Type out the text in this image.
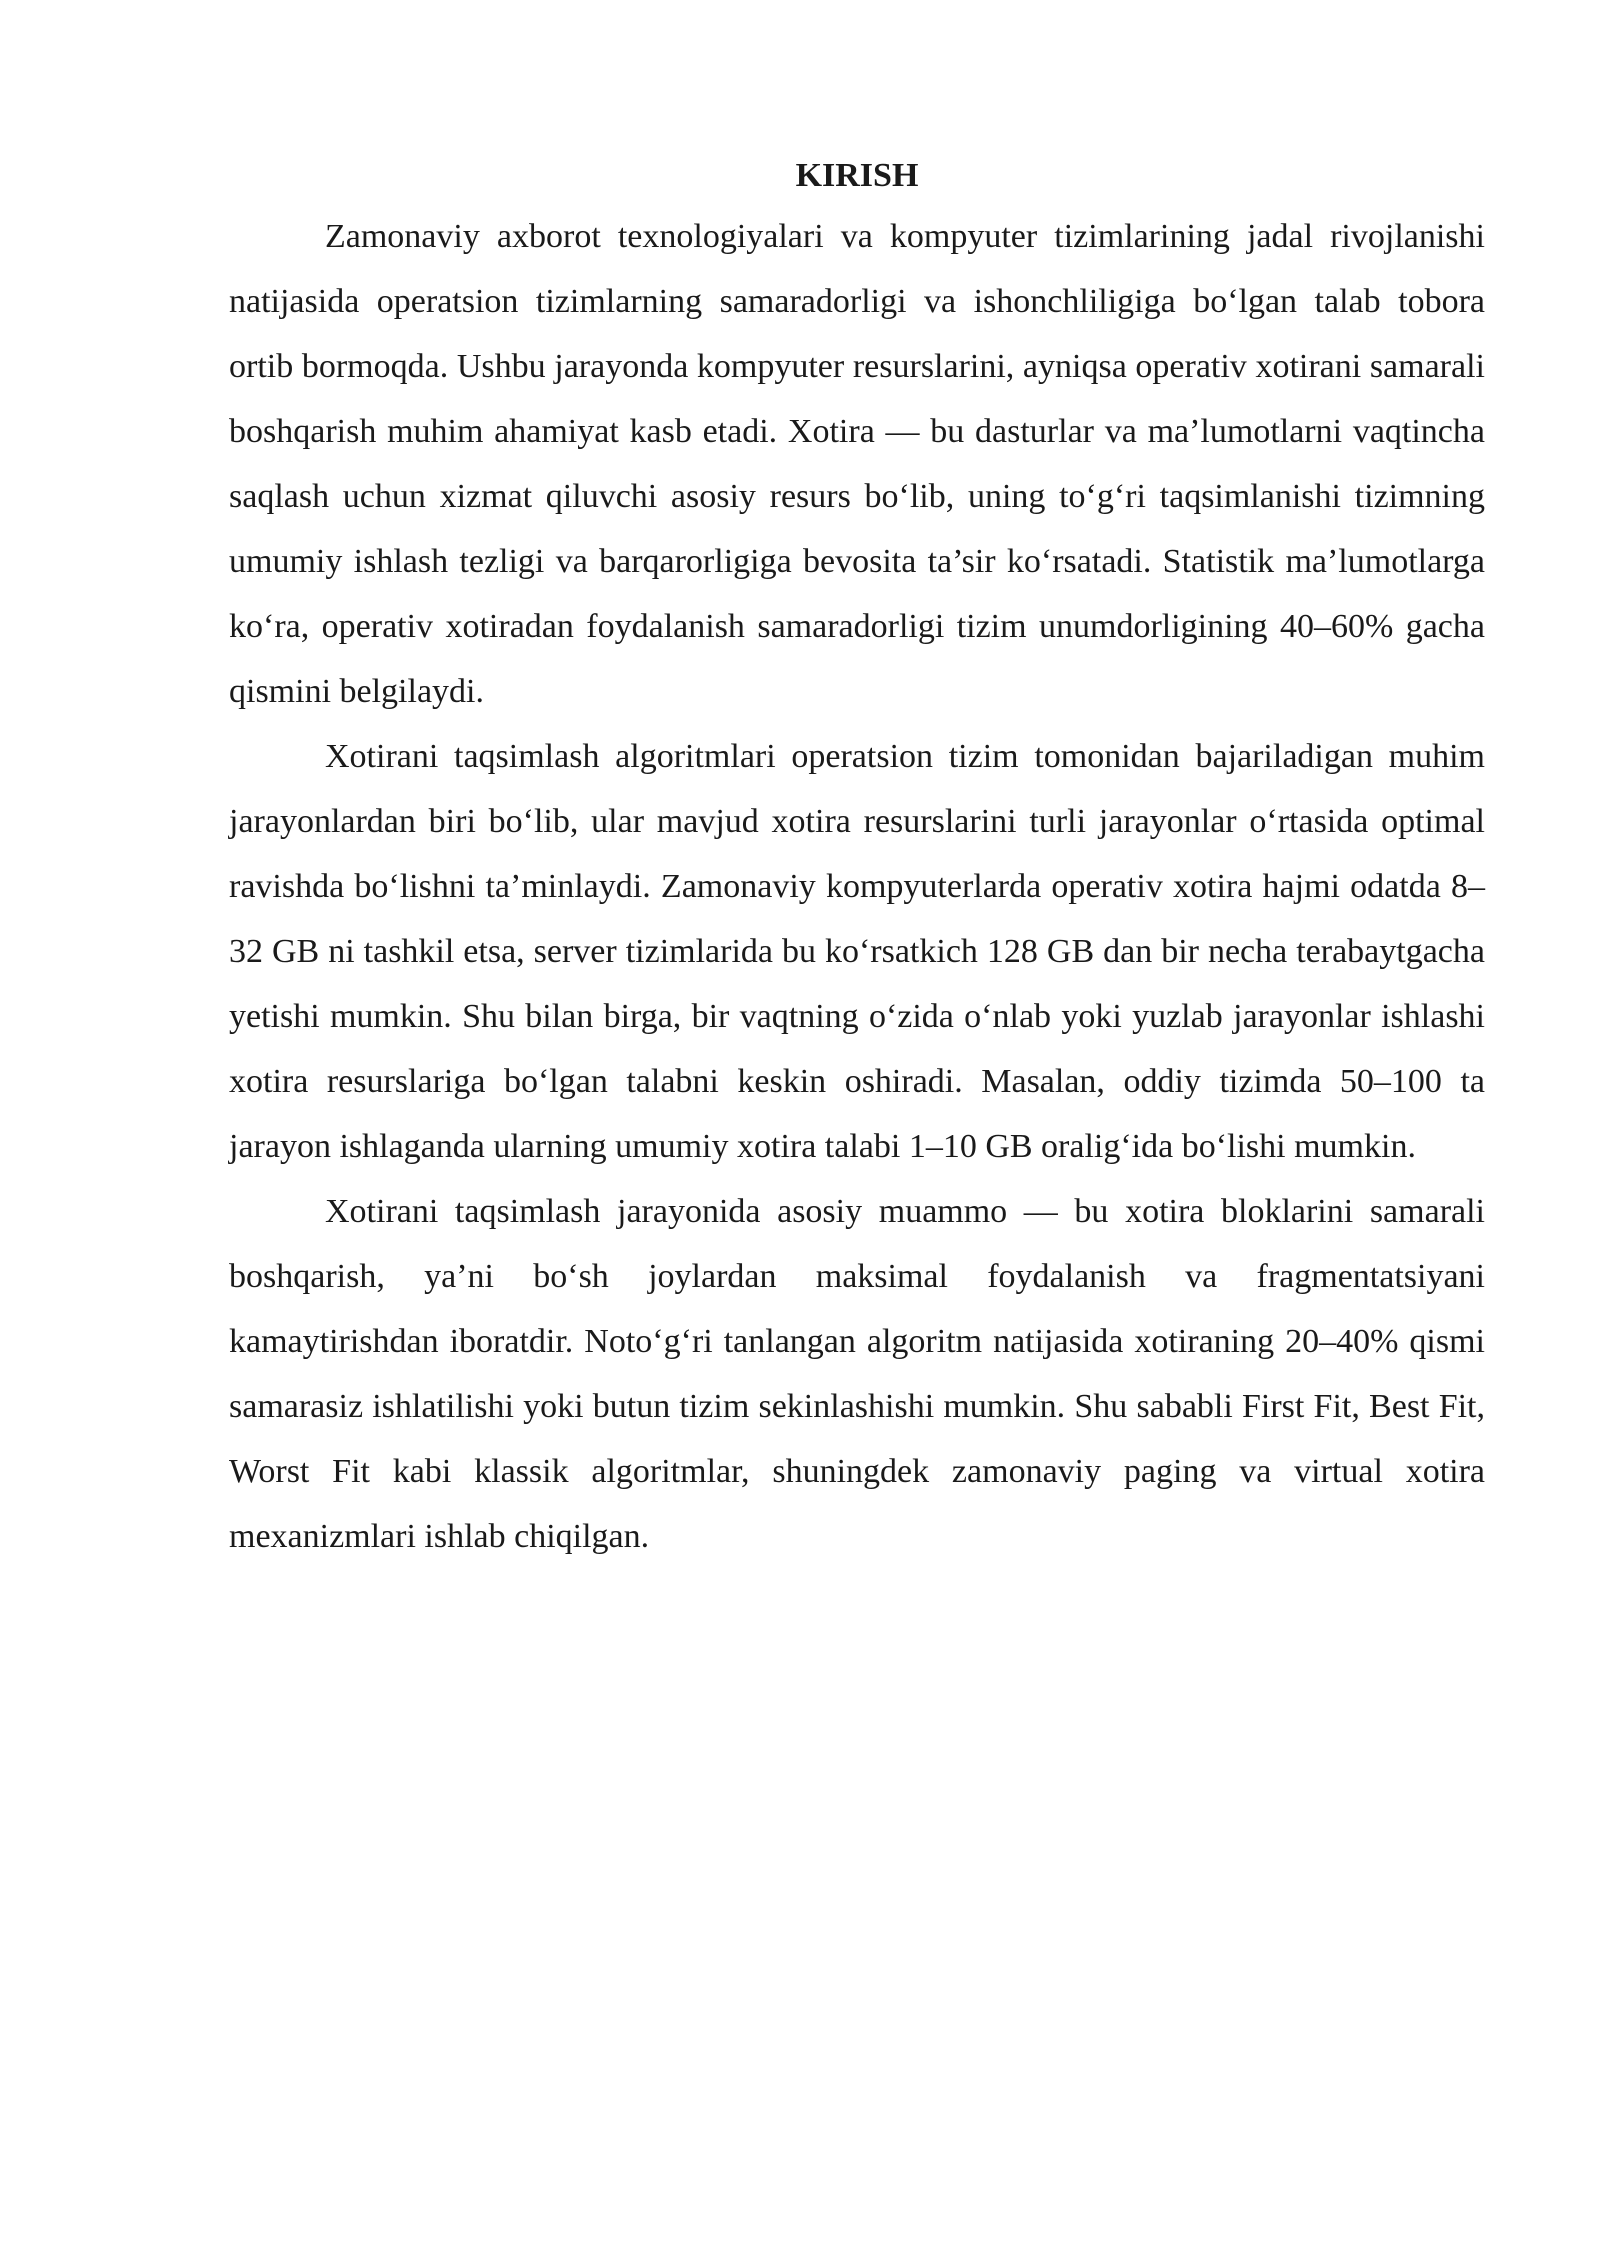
KIRISH

Zamonaviy axborot texnologiyalari va kompyuter tizimlarining jadal rivojlanishi natijasida operatsion tizimlarning samaradorligi va ishonchliligiga bo‘lgan talab tobora ortib bormoqda. Ushbu jarayonda kompyuter resurslarini, ayniqsa operativ xotirani samarali boshqarish muhim ahamiyat kasb etadi. Xotira — bu dasturlar va ma’lumotlarni vaqtincha saqlash uchun xizmat qiluvchi asosiy resurs bo‘lib, uning to‘g‘ri taqsimlanishi tizimning umumiy ishlash tezligi va barqarorligiga bevosita ta’sir ko‘rsatadi. Statistik ma’lumotlarga ko‘ra, operativ xotiradan foydalanish samaradorligi tizim unumdorligining 40–60% gacha qismini belgilaydi.

Xotirani taqsimlash algoritmlari operatsion tizim tomonidan bajariladigan muhim jarayonlardan biri bo‘lib, ular mavjud xotira resurslarini turli jarayonlar o‘rtasida optimal ravishda bo‘lishni ta’minlaydi. Zamonaviy kompyuterlarda operativ xotira hajmi odatda 8–32 GB ni tashkil etsa, server tizimlarida bu ko‘rsatkich 128 GB dan bir necha terabaytgacha yetishi mumkin. Shu bilan birga, bir vaqtning o‘zida o‘nlab yoki yuzlab jarayonlar ishlashi xotira resurslariga bo‘lgan talabni keskin oshiradi. Masalan, oddiy tizimda 50–100 ta jarayon ishlaganda ularning umumiy xotira talabi 1–10 GB oralig‘ida bo‘lishi mumkin.

Xotirani taqsimlash jarayonida asosiy muammo — bu xotira bloklarini samarali boshqarish, ya’ni bo‘sh joylardan maksimal foydalanish va fragmentatsiyani kamaytirishdan iboratdir. Noto‘g‘ri tanlangan algoritm natijasida xotiraning 20–40% qismi samarasiz ishlatilishi yoki butun tizim sekinlashishi mumkin. Shu sababli First Fit, Best Fit, Worst Fit kabi klassik algoritmlar, shuningdek zamonaviy paging va virtual xotira mexanizmlari ishlab chiqilgan.
